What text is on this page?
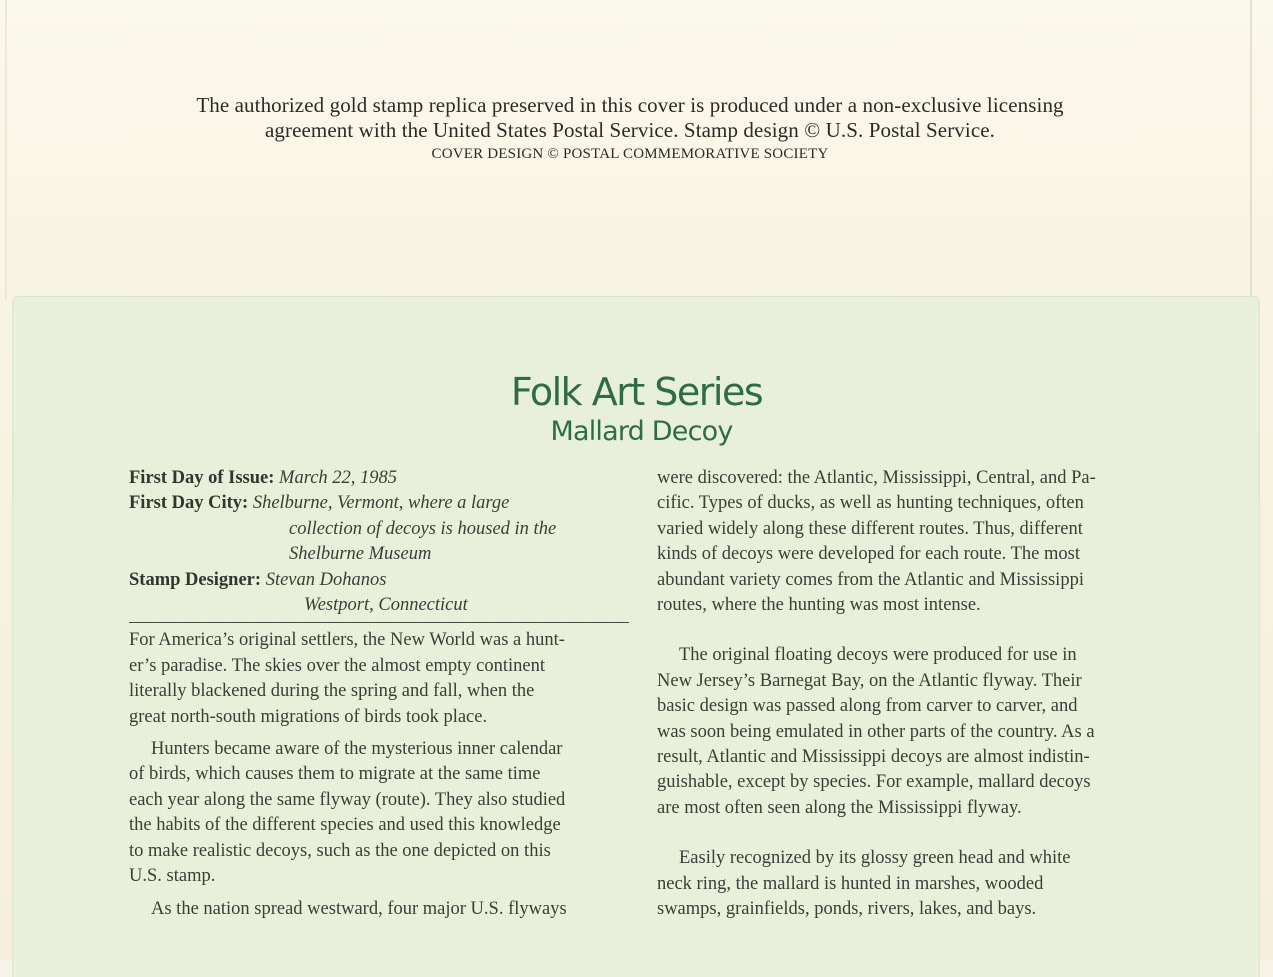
The authorized gold stamp replica preserved in this cover is produced under a non-exclusive licensing
agreement with the United States Postal Service. Stamp design © U.S. Postal Service.
COVER DESIGN © POSTAL COMMEMORATIVE SOCIETY
Folk Art Series
Mallard Decoy
First Day of Issue: March 22, 1985
First Day City: Shelburne, Vermont, where a large
collection of decoys is housed in the
Shelburne Museum
Stamp Designer: Stevan Dohanos
Westport, Connecticut
For America’s original settlers, the New World was a hunt-
er’s paradise. The skies over the almost empty continent
literally blackened during the spring and fall, when the
great north-south migrations of birds took place.
Hunters became aware of the mysterious inner calendar
of birds, which causes them to migrate at the same time
each year along the same flyway (route). They also studied
the habits of the different species and used this knowledge
to make realistic decoys, such as the one depicted on this
U.S. stamp.
As the nation spread westward, four major U.S. flyways
were discovered: the Atlantic, Mississippi, Central, and Pa-
cific. Types of ducks, as well as hunting techniques, often
varied widely along these different routes. Thus, different
kinds of decoys were developed for each route. The most
abundant variety comes from the Atlantic and Mississippi
routes, where the hunting was most intense.
The original floating decoys were produced for use in
New Jersey’s Barnegat Bay, on the Atlantic flyway. Their
basic design was passed along from carver to carver, and
was soon being emulated in other parts of the country. As a
result, Atlantic and Mississippi decoys are almost indistin-
guishable, except by species. For example, mallard decoys
are most often seen along the Mississippi flyway.
Easily recognized by its glossy green head and white
neck ring, the mallard is hunted in marshes, wooded
swamps, grainfields, ponds, rivers, lakes, and bays.
